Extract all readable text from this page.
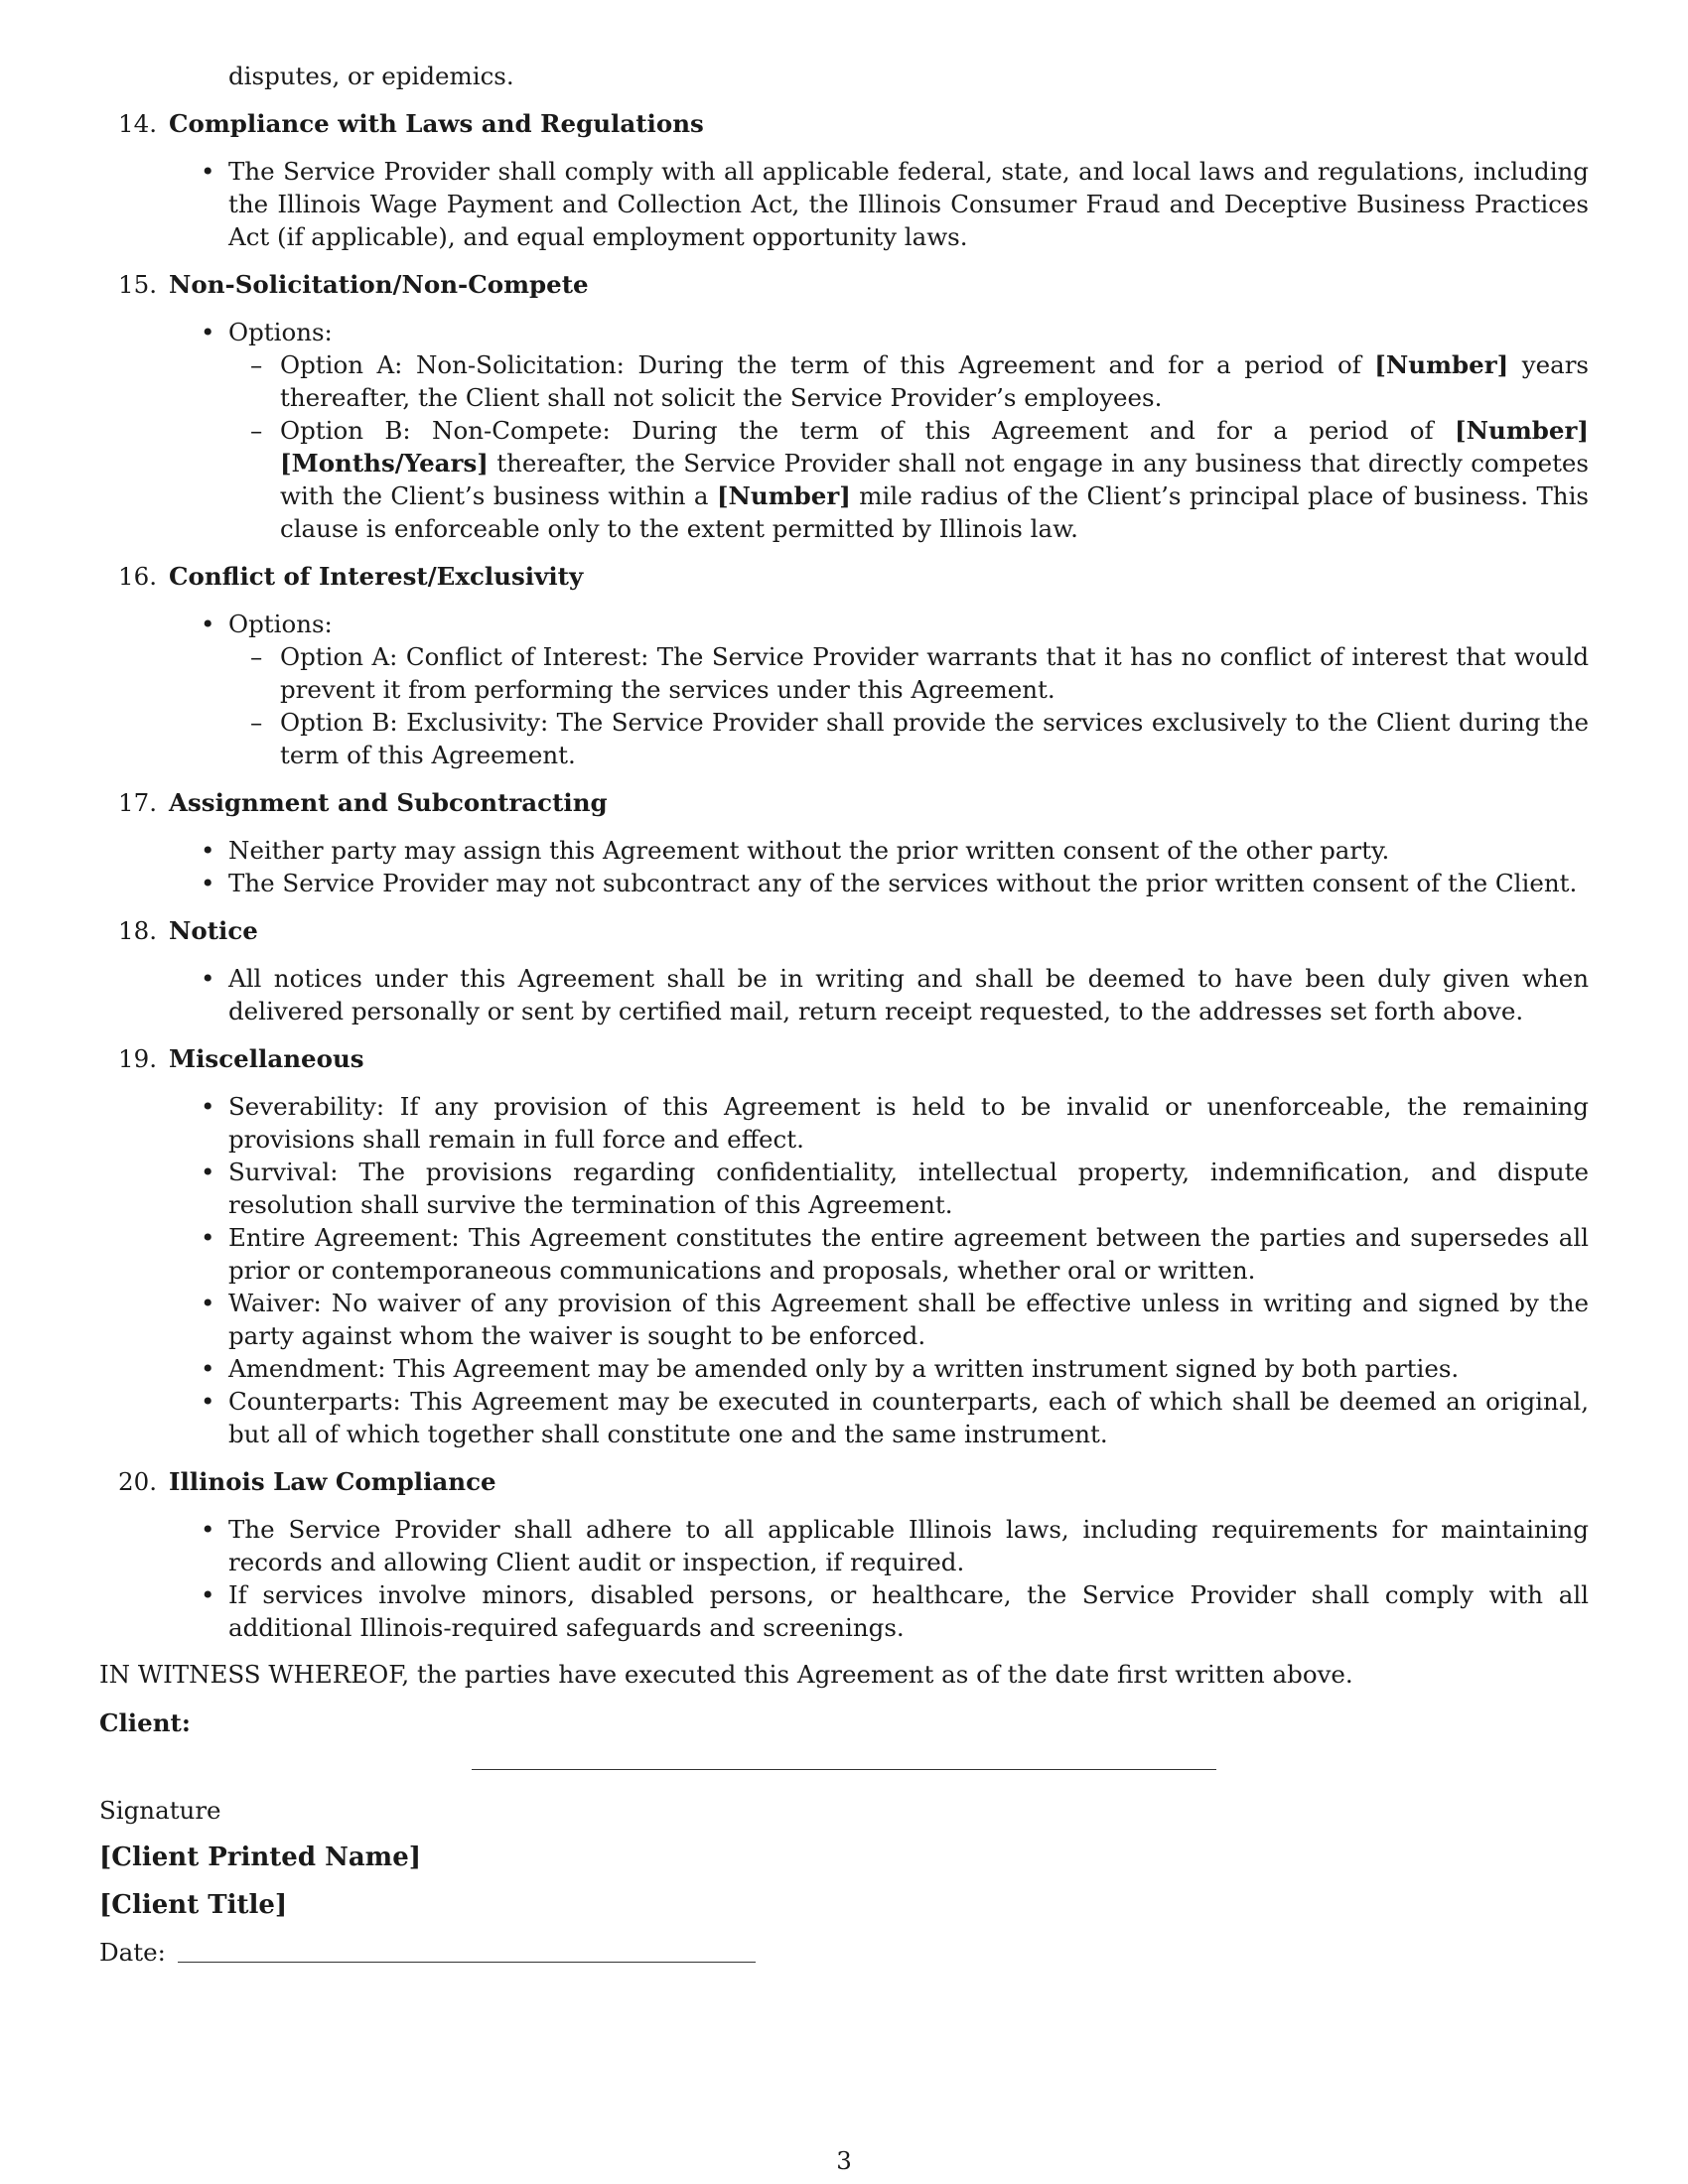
disputes, or epidemics.

14. Compliance with Laws and Regulations
• The Service Provider shall comply with all applicable federal, state, and local laws and regulations, including the Illinois Wage Payment and Collection Act, the Illinois Consumer Fraud and Deceptive Business Practices Act (if applicable), and equal employment opportunity laws.
15. Non-Solicitation/Non-Compete
• Options:
– Option A: Non-Solicitation: During the term of this Agreement and for a period of [Number] years thereafter, the Client shall not solicit the Service Provider’s employees.
– Option B: Non-Compete: During the term of this Agreement and for a period of [Number] [Months/Years] thereafter, the Service Provider shall not engage in any business that directly competes with the Client’s business within a [Number] mile radius of the Client’s principal place of business. This clause is enforceable only to the extent permitted by Illinois law.
16. Conflict of Interest/Exclusivity
• Options:
– Option A: Conflict of Interest: The Service Provider warrants that it has no conflict of interest that would prevent it from performing the services under this Agreement.
– Option B: Exclusivity: The Service Provider shall provide the services exclusively to the Client during the term of this Agreement.
17. Assignment and Subcontracting
• Neither party may assign this Agreement without the prior written consent of the other party.
• The Service Provider may not subcontract any of the services without the prior written consent of the Client.
18. Notice
• All notices under this Agreement shall be in writing and shall be deemed to have been duly given when delivered personally or sent by certified mail, return receipt requested, to the addresses set forth above.
19. Miscellaneous
• Severability: If any provision of this Agreement is held to be invalid or unenforceable, the remaining provisions shall remain in full force and effect.
• Survival: The provisions regarding confidentiality, intellectual property, indemnification, and dispute resolution shall survive the termination of this Agreement.
• Entire Agreement: This Agreement constitutes the entire agreement between the parties and supersedes all prior or contemporaneous communications and proposals, whether oral or written.
• Waiver: No waiver of any provision of this Agreement shall be effective unless in writing and signed by the party against whom the waiver is sought to be enforced.
• Amendment: This Agreement may be amended only by a written instrument signed by both parties.
• Counterparts: This Agreement may be executed in counterparts, each of which shall be deemed an original, but all of which together shall constitute one and the same instrument.
20. Illinois Law Compliance
• The Service Provider shall adhere to all applicable Illinois laws, including requirements for maintaining records and allowing Client audit or inspection, if required.
• If services involve minors, disabled persons, or healthcare, the Service Provider shall comply with all additional Illinois-required safeguards and screenings.

IN WITNESS WHEREOF, the parties have executed this Agreement as of the date first written above.

Client:

Signature

[Client Printed Name]

[Client Title]

Date:
3
